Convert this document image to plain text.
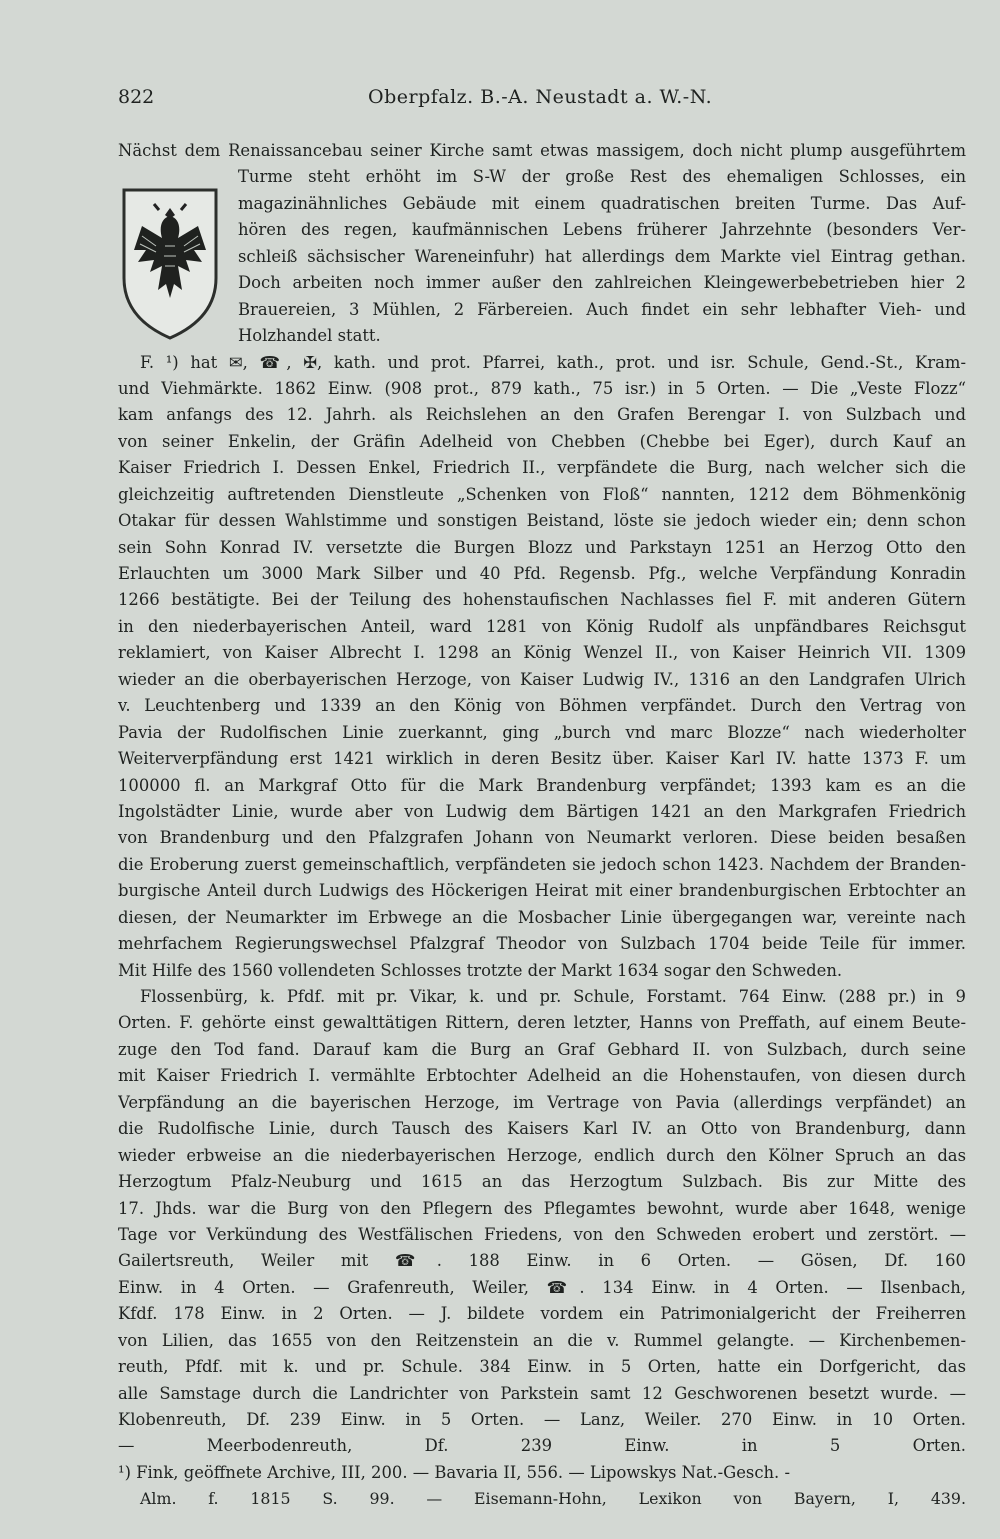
822	Oberpfalz. B.-A. Neustadt a. W.-N.
Nächst dem Renaissancebau seiner Kirche samt etwas massigem, doch nicht plump ausgeführtem
Turme steht erhöht im S-W der große Rest des ehemaligen Schlosses, ein
magazinähnliches Gebäude mit einem quadratischen breiten Turme. Das Auf-
hören des regen, kaufmännischen Lebens früherer Jahrzehnte (besonders Ver-
schleiß sächsischer Wareneinfuhr) hat allerdings dem Markte viel Eintrag gethan.
Doch arbeiten noch immer außer den zahlreichen Kleingewerbebetrieben hier 2
Brauereien, 3 Mühlen, 2 Färbereien. Auch findet ein sehr lebhafter Vieh- und
Holzhandel statt.
F. ¹) hat ✉, ☎, ✠, kath. und prot. Pfarrei, kath., prot. und isr. Schule, Gend.-St., Kram-
und Viehmärkte. 1862 Einw. (908 prot., 879 kath., 75 isr.) in 5 Orten. — Die „Veste Flozz“
kam anfangs des 12. Jahrh. als Reichslehen an den Grafen Berengar I. von Sulzbach und
von seiner Enkelin, der Gräfin Adelheid von Chebben (Chebbe bei Eger), durch Kauf an
Kaiser Friedrich I. Dessen Enkel, Friedrich II., verpfändete die Burg, nach welcher sich die
gleichzeitig auftretenden Dienstleute „Schenken von Floß“ nannten, 1212 dem Böhmenkönig
Otakar für dessen Wahlstimme und sonstigen Beistand, löste sie jedoch wieder ein; denn schon
sein Sohn Konrad IV. versetzte die Burgen Blozz und Parkstayn 1251 an Herzog Otto den
Erlauchten um 3000 Mark Silber und 40 Pfd. Regensb. Pfg., welche Verpfändung Konradin
1266 bestätigte. Bei der Teilung des hohenstaufischen Nachlasses fiel F. mit anderen Gütern
in den niederbayerischen Anteil, ward 1281 von König Rudolf als unpfändbares Reichsgut
reklamiert, von Kaiser Albrecht I. 1298 an König Wenzel II., von Kaiser Heinrich VII. 1309
wieder an die oberbayerischen Herzoge, von Kaiser Ludwig IV., 1316 an den Landgrafen Ulrich
v. Leuchtenberg und 1339 an den König von Böhmen verpfändet. Durch den Vertrag von
Pavia der Rudolfischen Linie zuerkannt, ging „burch vnd marc Blozze“ nach wiederholter
Weiterverpfändung erst 1421 wirklich in deren Besitz über. Kaiser Karl IV. hatte 1373 F. um
100000 fl. an Markgraf Otto für die Mark Brandenburg verpfändet; 1393 kam es an die
Ingolstädter Linie, wurde aber von Ludwig dem Bärtigen 1421 an den Markgrafen Friedrich
von Brandenburg und den Pfalzgrafen Johann von Neumarkt verloren. Diese beiden besaßen
die Eroberung zuerst gemeinschaftlich, verpfändeten sie jedoch schon 1423. Nachdem der Branden-
burgische Anteil durch Ludwigs des Höckerigen Heirat mit einer brandenburgischen Erbtochter an
diesen, der Neumarkter im Erbwege an die Mosbacher Linie übergegangen war, vereinte nach
mehrfachem Regierungswechsel Pfalzgraf Theodor von Sulzbach 1704 beide Teile für immer.
Mit Hilfe des 1560 vollendeten Schlosses trotzte der Markt 1634 sogar den Schweden.
Flossenbürg, k. Pfdf. mit pr. Vikar, k. und pr. Schule, Forstamt. 764 Einw. (288 pr.) in 9
Orten. F. gehörte einst gewalttätigen Rittern, deren letzter, Hanns von Preffath, auf einem Beute-
zuge den Tod fand. Darauf kam die Burg an Graf Gebhard II. von Sulzbach, durch seine
mit Kaiser Friedrich I. vermählte Erbtochter Adelheid an die Hohenstaufen, von diesen durch
Verpfändung an die bayerischen Herzoge, im Vertrage von Pavia (allerdings verpfändet) an
die Rudolfische Linie, durch Tausch des Kaisers Karl IV. an Otto von Brandenburg, dann
wieder erbweise an die niederbayerischen Herzoge, endlich durch den Kölner Spruch an das
Herzogtum Pfalz-Neuburg und 1615 an das Herzogtum Sulzbach. Bis zur Mitte des
17. Jhds. war die Burg von den Pflegern des Pflegamtes bewohnt, wurde aber 1648, wenige
Tage vor Verkündung des Westfälischen Friedens, von den Schweden erobert und zerstört. —
Gailertsreuth, Weiler mit ☎. 188 Einw. in 6 Orten. — Gösen, Df. 160
Einw. in 4 Orten. — Grafenreuth, Weiler, ☎. 134 Einw. in 4 Orten. — Ilsenbach,
Kfdf. 178 Einw. in 2 Orten. — J. bildete vordem ein Patrimonialgericht der Freiherren
von Lilien, das 1655 von den Reitzenstein an die v. Rummel gelangte. — Kirchenbemen-
reuth, Pfdf. mit k. und pr. Schule. 384 Einw. in 5 Orten, hatte ein Dorfgericht, das
alle Samstage durch die Landrichter von Parkstein samt 12 Geschworenen besetzt wurde. —
Klobenreuth, Df. 239 Einw. in 5 Orten. — Lanz, Weiler. 270 Einw. in 10 Orten.
— Meerbodenreuth, Df. 239 Einw. in 5 Orten.
¹) Fink, geöffnete Archive, III, 200. — Bavaria II, 556. — Lipowskys Nat.-Gesch. -
Alm. f. 1815 S. 99. — Eisemann-Hohn, Lexikon von Bayern, I, 439.
